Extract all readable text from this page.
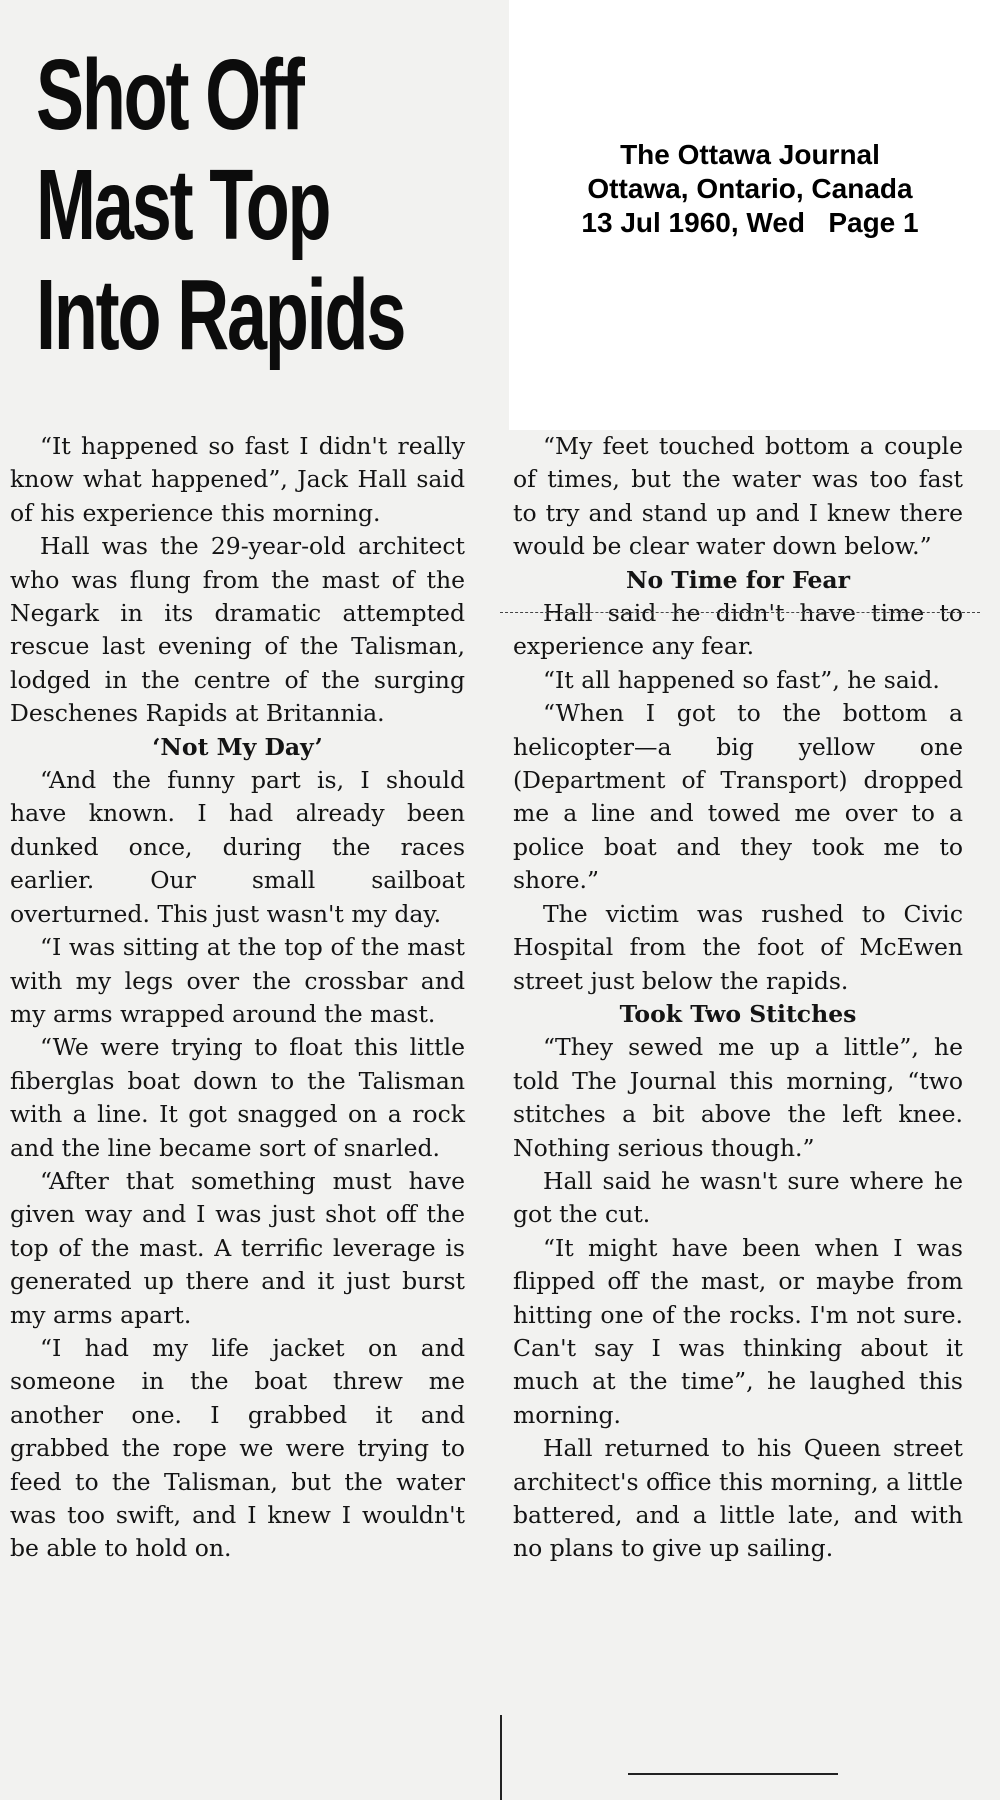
Shot Off
Mast Top
Into Rapids
The Ottawa Journal
Ottawa, Ontario, Canada
13 Jul 1960, Wed   Page 1

“It happened so fast I didn't really know what happened”, Jack Hall said of his experience this morning.

Hall was the 29-year-old architect who was flung from the mast of the Negark in its dramatic attempted rescue last evening of the Talisman, lodged in the centre of the surging Deschenes Rapids at Britannia.

‘Not My Day’

“And the funny part is, I should have known. I had already been dunked once, during the races earlier. Our small sailboat overturned. This just wasn't my day.

“I was sitting at the top of the mast with my legs over the crossbar and my arms wrapped around the mast.

“We were trying to float this little fiberglas boat down to the Talisman with a line. It got snagged on a rock and the line became sort of snarled.

“After that something must have given way and I was just shot off the top of the mast. A terrific leverage is generated up there and it just burst my arms apart.

“I had my life jacket on and someone in the boat threw me another one. I grabbed it and grabbed the rope we were trying to feed to the Talisman, but the water was too swift, and I knew I wouldn't be able to hold on.

“My feet touched bottom a couple of times, but the water was too fast to try and stand up and I knew there would be clear water down below.”

No Time for Fear

Hall said he didn't have time to experience any fear.

“It all happened so fast”, he said.

“When I got to the bottom a helicopter—a big yellow one (Department of Transport) dropped me a line and towed me over to a police boat and they took me to shore.”

The victim was rushed to Civic Hospital from the foot of McEwen street just below the rapids.

Took Two Stitches

“They sewed me up a little”, he told The Journal this morning, “two stitches a bit above the left knee. Nothing serious though.”

Hall said he wasn't sure where he got the cut.

“It might have been when I was flipped off the mast, or maybe from hitting one of the rocks. I'm not sure. Can't say I was thinking about it much at the time”, he laughed this morning.

Hall returned to his Queen street architect's office this morning, a little battered, and a little late, and with no plans to give up sailing.
